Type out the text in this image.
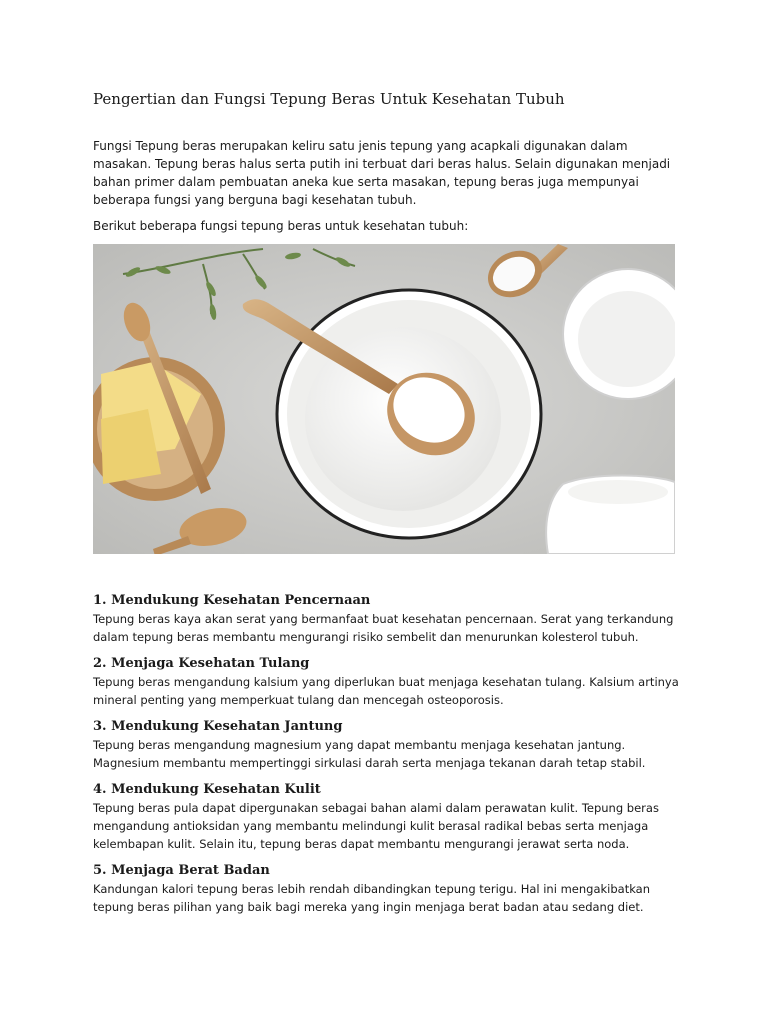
Pengertian dan Fungsi Tepung Beras Untuk Kesehatan Tubuh

Fungsi Tepung beras merupakan keliru satu jenis tepung yang acapkali digunakan dalam masakan. Tepung beras halus serta putih ini terbuat dari beras halus. Selain digunakan menjadi bahan primer dalam pembuatan aneka kue serta masakan, tepung beras juga mempunyai beberapa fungsi yang berguna bagi kesehatan tubuh.

Berikut beberapa fungsi tepung beras untuk kesehatan tubuh:

1. Mendukung Kesehatan Pencernaan

Tepung beras kaya akan serat yang bermanfaat buat kesehatan pencernaan. Serat yang terkandung dalam tepung beras membantu mengurangi risiko sembelit dan menurunkan kolesterol tubuh.

2. Menjaga Kesehatan Tulang

Tepung beras mengandung kalsium yang diperlukan buat menjaga kesehatan tulang. Kalsium artinya mineral penting yang memperkuat tulang dan mencegah osteoporosis.

3. Mendukung Kesehatan Jantung

Tepung beras mengandung magnesium yang dapat membantu menjaga kesehatan jantung. Magnesium membantu mempertinggi sirkulasi darah serta menjaga tekanan darah tetap stabil.

4. Mendukung Kesehatan Kulit

Tepung beras pula dapat dipergunakan sebagai bahan alami dalam perawatan kulit. Tepung beras mengandung antioksidan yang membantu melindungi kulit berasal radikal bebas serta menjaga kelembapan kulit. Selain itu, tepung beras dapat membantu mengurangi jerawat serta noda.

5. Menjaga Berat Badan

Kandungan kalori tepung beras lebih rendah dibandingkan tepung terigu. Hal ini mengakibatkan tepung beras pilihan yang baik bagi mereka yang ingin menjaga berat badan atau sedang diet.
